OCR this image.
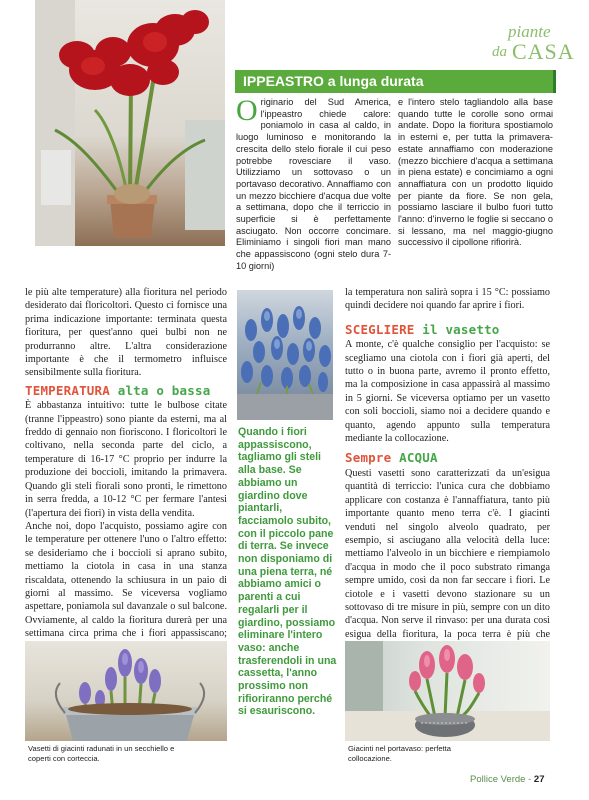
piante
da CASA
IPPEASTRO a lunga durata
Originario del Sud America, l'ippeastro chiede calore: poniamolo in casa al caldo, in luogo luminoso e monitorando la crescita dello stelo fiorale il cui peso potrebbe rovesciare il vaso. Utilizziamo un sottovaso o un portavaso decorativo. Annaffiamo con un mezzo bicchiere d'acqua due volte a settimana, dopo che il terriccio in superficie si è perfettamente asciugato. Non occorre concimare. Eliminiamo i singoli fiori man mano che appassiscono (ogni stelo dura 7-10 giorni)
e l'intero stelo tagliandolo alla base quando tutte le corolle sono ormai andate. Dopo la fioritura spostiamolo in esterni e, per tutta la primavera-estate annaffiamo con moderazione (mezzo bicchiere d'acqua a settimana in piena estate) e concimiamo a ogni annaffiatura con un prodotto liquido per piante da fiore. Se non gela, possiamo lasciare il bulbo fuori tutto l'anno: d'inverno le foglie si seccano o si lessano, ma nel maggio-giugno successivo il cipollone rifiorirà.

le più alte temperature) alla fioritura nel periodo desiderato dai floricoltori. Questo ci fornisce una prima indicazione importante: terminata questa fioritura, per quest'anno quei bulbi non ne produrranno altre. L'altra considerazione importante è che il termometro influisce sensibilmente sulla fioritura.

TEMPERATURA alta o bassa

È abbastanza intuitivo: tutte le bulbose citate (tranne l'ippeastro) sono piante da esterni, ma al freddo di gennaio non fioriscono. I floricoltori le coltivano, nella seconda parte del ciclo, a temperature di 16-17 °C proprio per indurre la produzione dei boccioli, imitando la primavera. Quando gli steli fiorali sono pronti, le rimettono in serra fredda, a 10-12 °C per fermare l'antesi (l'apertura dei fiori) in vista della vendita.

Anche noi, dopo l'acquisto, possiamo agire con le temperature per ottenere l'uno o l'altro effetto: se desideriamo che i boccioli si aprano subito, mettiamo la ciotola in casa in una stanza riscaldata, ottenendo la schiusura in un paio di giorni al massimo. Se viceversa vogliamo aspettare, poniamola sul davanzale o sul balcone. Ovviamente, al caldo la fioritura durerà per una settimana circa prima che i fiori appassiscano;

Quando i fiori appassiscono, tagliamo gli steli alla base. Se abbiamo un giardino dove piantarli, facciamolo subito, con il piccolo pane di terra. Se invece non disponiamo di una piena terra, né abbiamo amici o parenti a cui regalarli per il giardino, possiamo eliminare l'intero vaso: anche trasferendoli in una cassetta, l'anno prossimo non rifioriranno perché si esauriscono.

la temperatura non salirà sopra i 15 °C: possiamo quindi decidere noi quando far aprire i fiori.

SCEGLIERE il vasetto

A monte, c'è qualche consiglio per l'acquisto: se scegliamo una ciotola con i fiori già aperti, del tutto o in buona parte, avremo il pronto effetto, ma la composizione in casa appassirà al massimo in 5 giorni. Se viceversa optiamo per un vasetto con soli boccioli, siamo noi a decidere quando e quanto, agendo appunto sulla temperatura mediante la collocazione.

Sempre ACQUA

Questi vasetti sono caratterizzati da un'esigua quantità di terriccio: l'unica cura che dobbiamo applicare con costanza è l'annaffiatura, tanto più importante quanto meno terra c'è. I giacinti venduti nel singolo alveolo quadrato, per esempio, si asciugano alla velocità della luce: mettiamo l'alveolo in un bicchiere e riempiamolo d'acqua in modo che il poco substrato rimanga sempre umido, così da non far seccare i fiori. Le ciotole e i vasetti devono stazionare su un sottovaso di tre misure in più, sempre con un dito d'acqua. Non serve il rinvaso: per una durata così esigua della fioritura, la poca terra è più che

Vasetti di giacinti radunati in un secchiello e coperti con corteccia.
Giacinti nel portavaso: perfetta collocazione.
Pollice Verde - 27
